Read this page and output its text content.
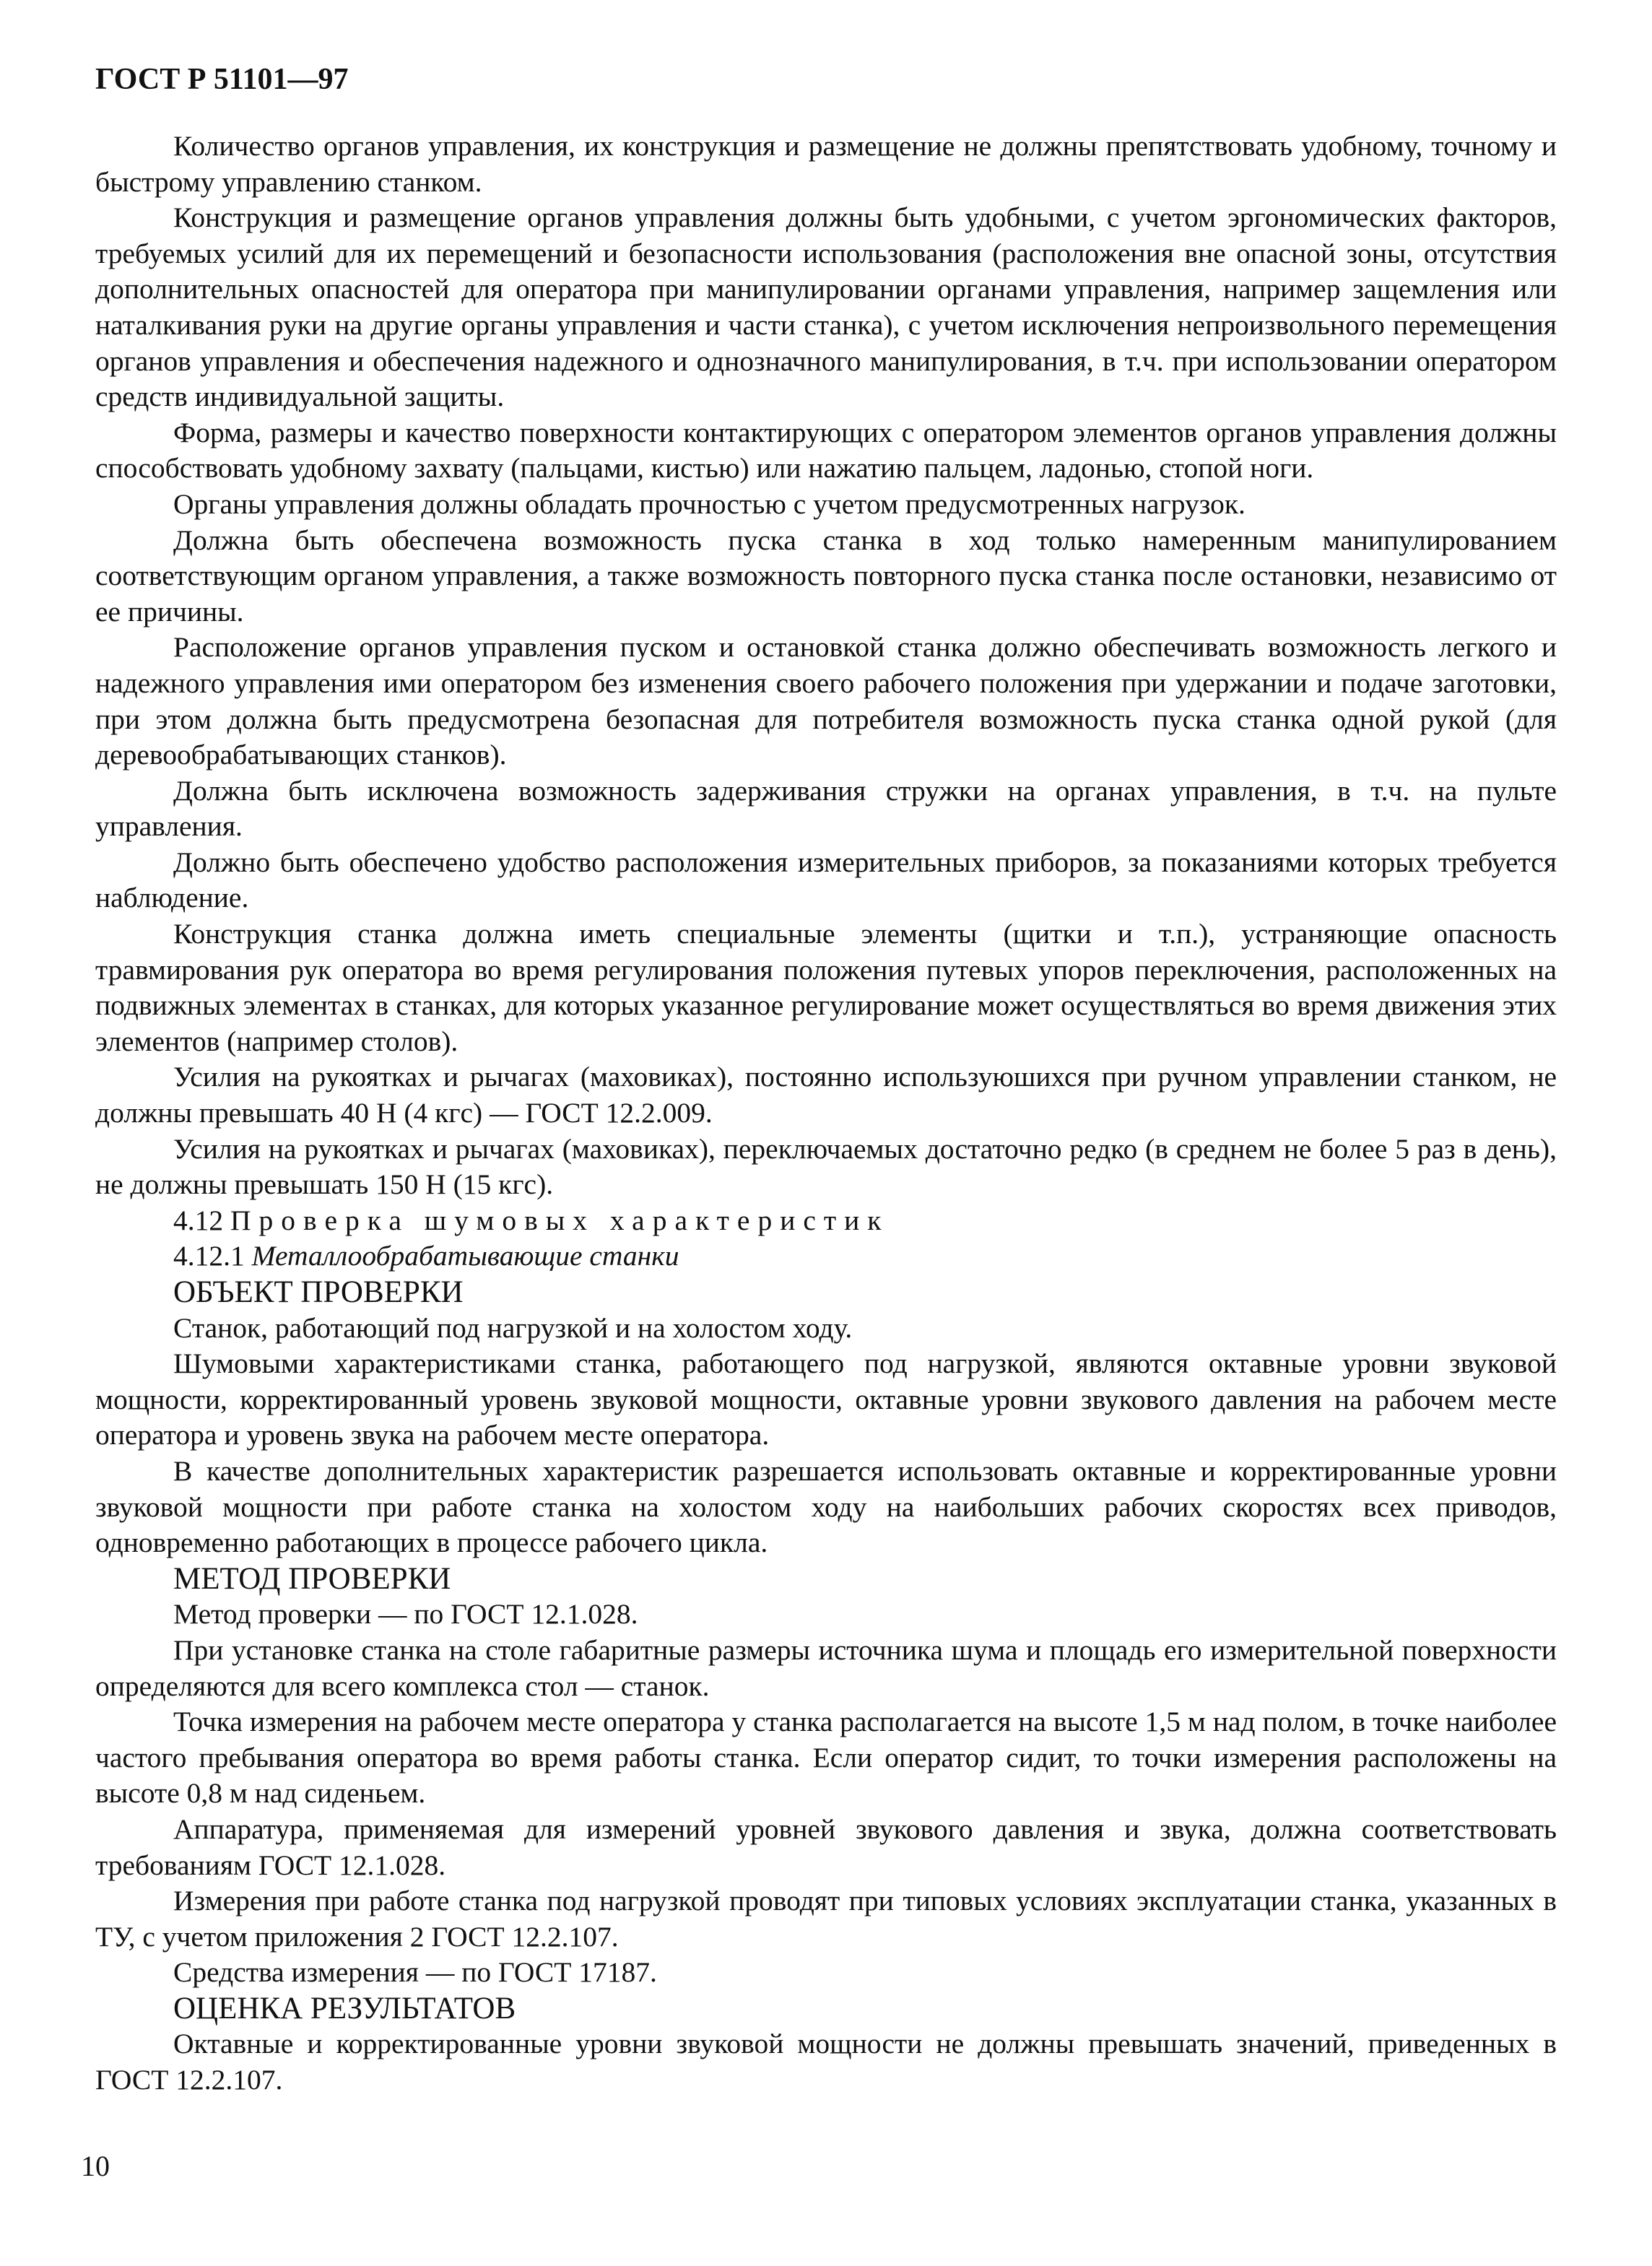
ГОСТ Р 51101—97

Количество органов управления, их конструкция и размещение не должны препятствовать удобному, точному и быстрому управлению станком.

Конструкция и размещение органов управления должны быть удобными, с учетом эргономических факторов, требуемых усилий для их перемещений и безопасности использования (расположения вне опасной зоны, отсутствия дополнительных опасностей для оператора при манипулировании органами управления, например защемления или наталкивания руки на другие органы управления и части станка), с учетом исключения непроизвольного перемещения органов управления и обеспечения надежного и однозначного манипулирования, в т.ч. при использовании оператором средств индивидуальной защиты.

Форма, размеры и качество поверхности контактирующих с оператором элементов органов управления должны способствовать удобному захвату (пальцами, кистью) или нажатию пальцем, ладонью, стопой ноги.

Органы управления должны обладать прочностью с учетом предусмотренных нагрузок.

Должна быть обеспечена возможность пуска станка в ход только намеренным манипулированием соответствующим органом управления, а также возможность повторного пуска станка после остановки, независимо от ее причины.

Расположение органов управления пуском и остановкой станка должно обеспечивать возможность легкого и надежного управления ими оператором без изменения своего рабочего положения при удержании и подаче заготовки, при этом должна быть предусмотрена безопасная для потребителя возможность пуска станка одной рукой (для деревообрабатывающих станков).

Должна быть исключена возможность задерживания стружки на органах управления, в т.ч. на пульте управления.

Должно быть обеспечено удобство расположения измерительных приборов, за показаниями которых требуется наблюдение.

Конструкция станка должна иметь специальные элементы (щитки и т.п.), устраняющие опасность травмирования рук оператора во время регулирования положения путевых упоров переключения, расположенных на подвижных элементах в станках, для которых указанное регулирование может осуществляться во время движения этих элементов (например столов).

Усилия на рукоятках и рычагах (маховиках), постоянно используюшихся при ручном управлении станком, не должны превышать 40 Н (4 кгс) — ГОСТ 12.2.009.

Усилия на рукоятках и рычагах (маховиках), переключаемых достаточно редко (в среднем не более 5 раз в день), не должны превышать 150 Н (15 кгс).

4.12 Проверка шумовых характеристик

4.12.1 Металлообрабатывающие станки

ОБЪЕКТ ПРОВЕРКИ

Станок, работающий под нагрузкой и на холостом ходу.

Шумовыми характеристиками станка, работающего под нагрузкой, являются октавные уровни звуковой мощности, корректированный уровень звуковой мощности, октавные уровни звукового давления на рабочем месте оператора и уровень звука на рабочем месте оператора.

В качестве дополнительных характеристик разрешается использовать октавные и корректированные уровни звуковой мощности при работе станка на холостом ходу на наибольших рабочих скоростях всех приводов, одновременно работающих в процессе рабочего цикла.

МЕТОД ПРОВЕРКИ

Метод проверки — по ГОСТ 12.1.028.

При установке станка на столе габаритные размеры источника шума и площадь его измерительной поверхности определяются для всего комплекса стол — станок.

Точка измерения на рабочем месте оператора у станка располагается на высоте 1,5 м над полом, в точке наиболее частого пребывания оператора во время работы станка. Если оператор сидит, то точки измерения расположены на высоте 0,8 м над сиденьем.

Аппаратура, применяемая для измерений уровней звукового давления и звука, должна соответствовать требованиям ГОСТ 12.1.028.

Измерения при работе станка под нагрузкой проводят при типовых условиях эксплуатации станка, указанных в ТУ, с учетом приложения 2 ГОСТ 12.2.107.

Средства измерения — по ГОСТ 17187.

ОЦЕНКА РЕЗУЛЬТАТОВ

Октавные и корректированные уровни звуковой мощности не должны превышать значений, приведенных в ГОСТ 12.2.107.

10
